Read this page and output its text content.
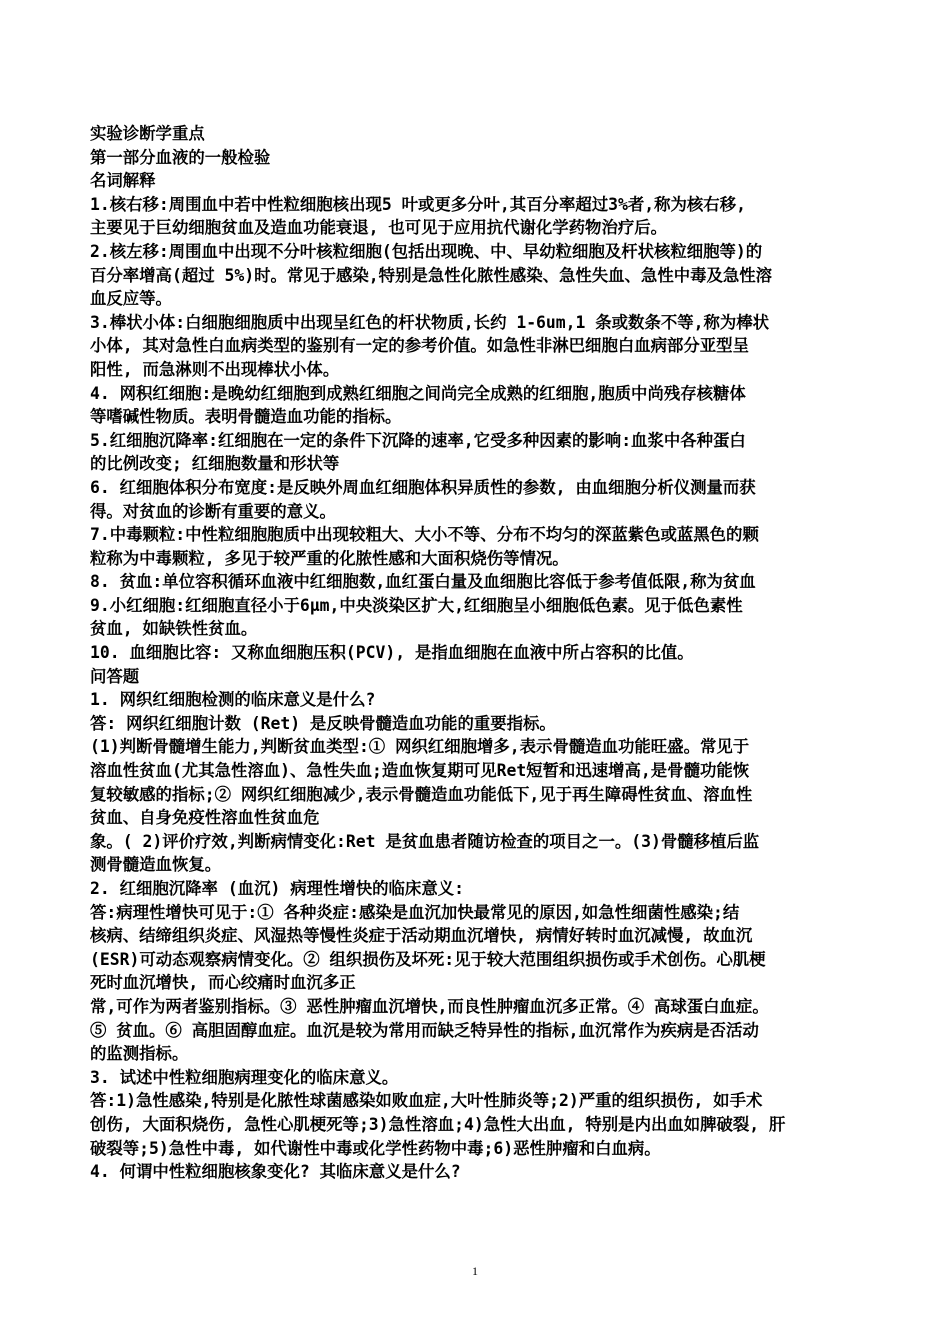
实验诊断学重点
第一部分血液的一般检验
名词解释
1.核右移:周围血中若中性粒细胞核出现5 叶或更多分叶,其百分率超过3%者,称为核右移,
主要见于巨幼细胞贫血及造血功能衰退, 也可见于应用抗代谢化学药物治疗后。
2.核左移:周围血中出现不分叶核粒细胞(包括出现晚、中、早幼粒细胞及杆状核粒细胞等)的
百分率增高(超过 5%)时。常见于感染,特别是急性化脓性感染、急性失血、急性中毒及急性溶
血反应等。
3.棒状小体:白细胞细胞质中出现呈红色的杆状物质,长约 1-6um,1 条或数条不等,称为棒状
小体, 其对急性白血病类型的鉴别有一定的参考价值。如急性非淋巴细胞白血病部分亚型呈
阳性, 而急淋则不出现棒状小体。
4. 网积红细胞:是晚幼红细胞到成熟红细胞之间尚完全成熟的红细胞,胞质中尚残存核糖体
等嗜碱性物质。表明骨髓造血功能的指标。
5.红细胞沉降率:红细胞在一定的条件下沉降的速率,它受多种因素的影响:血浆中各种蛋白
的比例改变; 红细胞数量和形状等
6. 红细胞体积分布宽度:是反映外周血红细胞体积异质性的参数, 由血细胞分析仪测量而获
得。对贫血的诊断有重要的意义。
7.中毒颗粒:中性粒细胞胞质中出现较粗大、大小不等、分布不均匀的深蓝紫色或蓝黑色的颗
粒称为中毒颗粒, 多见于较严重的化脓性感和大面积烧伤等情况。
8. 贫血:单位容积循环血液中红细胞数,血红蛋白量及血细胞比容低于参考值低限,称为贫血
9.小红细胞:红细胞直径小于6μm,中央淡染区扩大,红细胞呈小细胞低色素。见于低色素性
贫血, 如缺铁性贫血。
10. 血细胞比容: 又称血细胞压积(PCV), 是指血细胞在血液中所占容积的比值。
问答题
1. 网织红细胞检测的临床意义是什么?
答: 网织红细胞计数 (Ret) 是反映骨髓造血功能的重要指标。
(1)判断骨髓增生能力,判断贫血类型:① 网织红细胞增多,表示骨髓造血功能旺盛。常见于
溶血性贫血(尤其急性溶血)、急性失血;造血恢复期可见Ret短暂和迅速增高,是骨髓功能恢
复较敏感的指标;② 网织红细胞减少,表示骨髓造血功能低下,见于再生障碍性贫血、溶血性
贫血、自身免疫性溶血性贫血危
象。( 2)评价疗效,判断病情变化:Ret 是贫血患者随访检查的项目之一。(3)骨髓移植后监
测骨髓造血恢复。
2. 红细胞沉降率 (血沉) 病理性增快的临床意义:
答:病理性增快可见于:① 各种炎症:感染是血沉加快最常见的原因,如急性细菌性感染;结
核病、结缔组织炎症、风湿热等慢性炎症于活动期血沉增快, 病情好转时血沉减慢, 故血沉
(ESR)可动态观察病情变化。② 组织损伤及坏死:见于较大范围组织损伤或手术创伤。心肌梗
死时血沉增快, 而心绞痛时血沉多正
常,可作为两者鉴别指标。③ 恶性肿瘤血沉增快,而良性肿瘤血沉多正常。④ 高球蛋白血症。
⑤ 贫血。⑥ 高胆固醇血症。血沉是较为常用而缺乏特异性的指标,血沉常作为疾病是否活动
的监测指标。
3. 试述中性粒细胞病理变化的临床意义。
答:1)急性感染,特别是化脓性球菌感染如败血症,大叶性肺炎等;2)严重的组织损伤, 如手术
创伤, 大面积烧伤, 急性心肌梗死等;3)急性溶血;4)急性大出血, 特别是内出血如脾破裂, 肝
破裂等;5)急性中毒, 如代谢性中毒或化学性药物中毒;6)恶性肿瘤和白血病。
4. 何谓中性粒细胞核象变化? 其临床意义是什么?
1
